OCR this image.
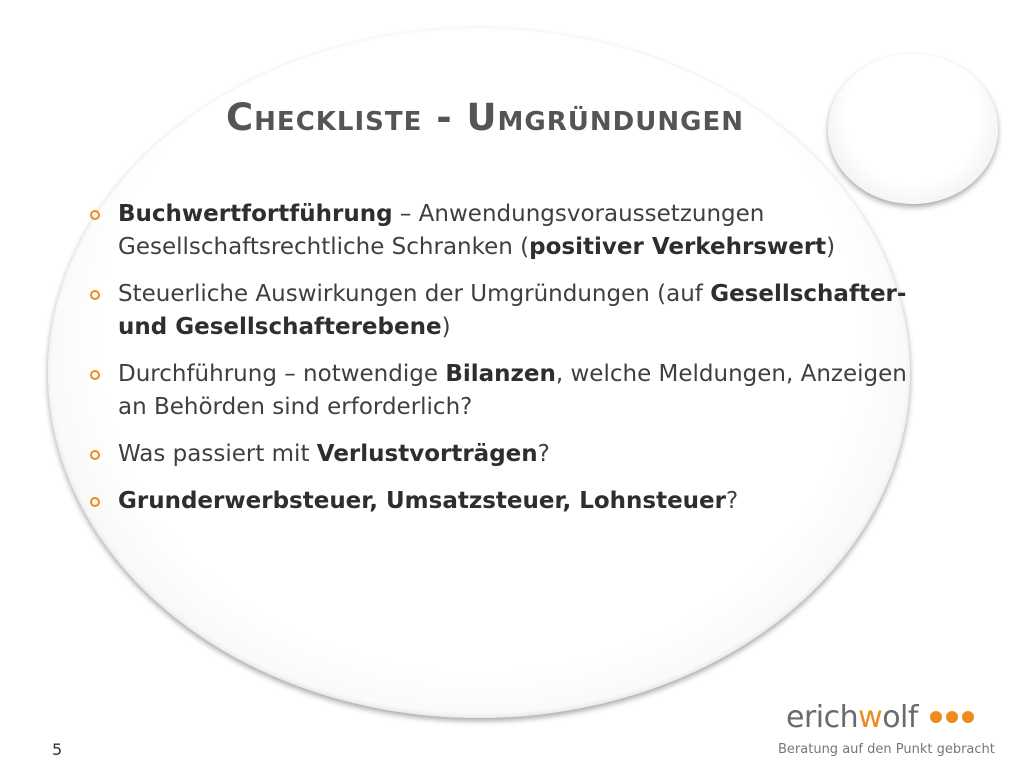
Checkliste - Umgründungen
Buchwertfortführung – Anwendungsvoraussetzungen Gesellschaftsrechtliche Schranken (positiver Verkehrswert)
Steuerliche Auswirkungen der Umgründungen (auf Gesellschafter- und Gesellschafterebene)
Durchführung – notwendige Bilanzen, welche Meldungen, Anzeigen an Behörden sind erforderlich?
Was passiert mit Verlustvorträgen?
Grunderwerbsteuer, Umsatzsteuer, Lohnsteuer?
5
erichwolf
Beratung auf den Punkt gebracht
